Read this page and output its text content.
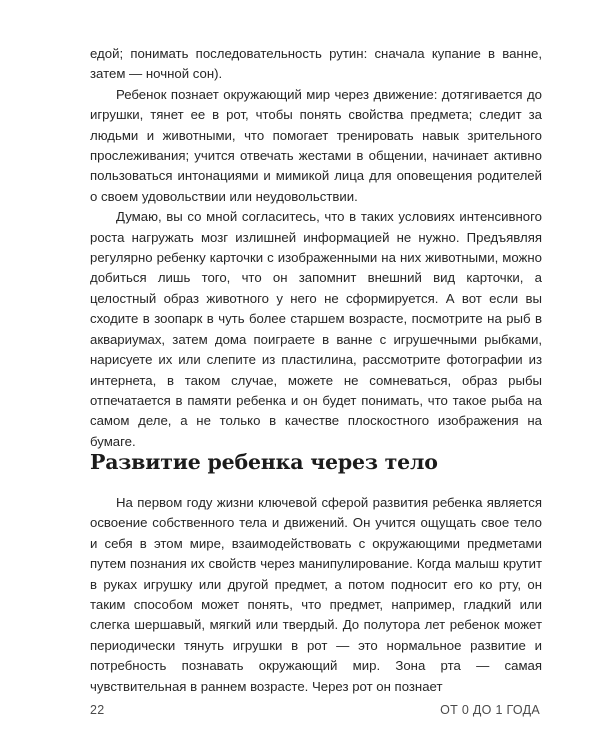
едой; понимать последовательность рутин: сначала купание в ванне, затем — ночной сон).

Ребенок познает окружающий мир через движение: дотягивается до игрушки, тянет ее в рот, чтобы понять свойства предмета; следит за людьми и животными, что помогает тренировать навык зрительного прослеживания; учится отвечать жестами в общении, начинает активно пользоваться интонациями и мимикой лица для оповещения родителей о своем удовольствии или неудовольствии.

Думаю, вы со мной согласитесь, что в таких условиях интенсивного роста нагружать мозг излишней информацией не нужно. Предъявляя регулярно ребенку карточки с изображенными на них животными, можно добиться лишь того, что он запомнит внешний вид карточки, а целостный образ животного у него не сформируется. А вот если вы сходите в зоопарк в чуть более старшем возрасте, посмотрите на рыб в аквариумах, затем дома поиграете в ванне с игрушечными рыбками, нарисуете их или слепите из пластилина, рассмотрите фотографии из интернета, в таком случае, можете не сомневаться, образ рыбы отпечатается в памяти ребенка и он будет понимать, что такое рыба на самом деле, а не только в качестве плоскостного изображения на бумаге.

Развитие ребенка через тело

На первом году жизни ключевой сферой развития ребенка является освоение собственного тела и движений. Он учится ощущать свое тело и себя в этом мире, взаимодействовать с окружающими предметами путем познания их свойств через манипулирование. Когда малыш крутит в руках игрушку или другой предмет, а потом подносит его ко рту, он таким способом может понять, что предмет, например, гладкий или слегка шершавый, мягкий или твердый. До полутора лет ребенок может периодически тянуть игрушки в рот — это нормальное развитие и потребность познавать окружающий мир. Зона рта — самая чувствительная в раннем возрасте. Через рот он познает

22	ОТ 0 ДО 1 ГОДА
